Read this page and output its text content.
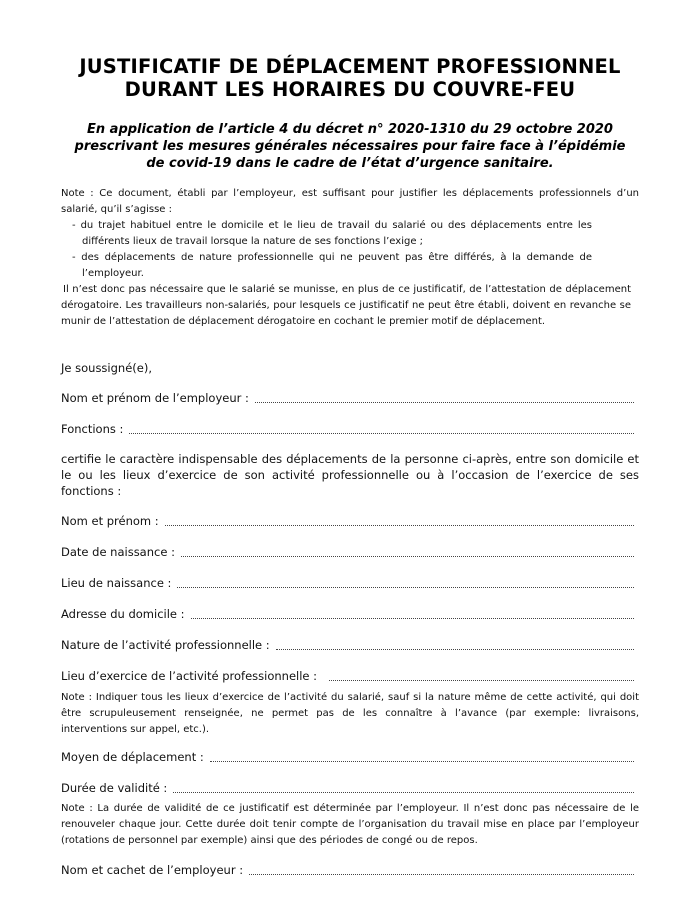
JUSTIFICATIF DE DÉPLACEMENT PROFESSIONNEL
DURANT LES HORAIRES DU COUVRE-FEU
En application de l’article 4 du décret n° 2020-1310 du 29 octobre 2020
prescrivant les mesures générales nécessaires pour faire face à l’épidémie
de covid-19 dans le cadre de l’état d’urgence sanitaire.
Note : Ce document, établi par l’employeur, est suffisant pour justifier les déplacements professionnels d’un salarié, qu’il s’agisse :
- du trajet habituel entre le domicile et le lieu de travail du salarié ou des déplacements entre les différents lieux de travail lorsque la nature de ses fonctions l’exige ;
- des déplacements de nature professionnelle qui ne peuvent pas être différés, à la demande de l’employeur.
Il n’est donc pas nécessaire que le salarié se munisse, en plus de ce justificatif, de l’attestation de déplacement dérogatoire. Les travailleurs non-salariés, pour lesquels ce justificatif ne peut être établi, doivent en revanche se munir de l’attestation de déplacement dérogatoire en cochant le premier motif de déplacement.
Je soussigné(e),
Nom et prénom de l’employeur :
Fonctions :
certifie le caractère indispensable des déplacements de la personne ci-après, entre son domicile et le ou les lieux d’exercice de son activité professionnelle ou à l’occasion de l’exercice de ses fonctions :
Nom et prénom :
Date de naissance :
Lieu de naissance :
Adresse du domicile :
Nature de l’activité professionnelle :
Lieu d’exercice de l’activité professionnelle :
Note : Indiquer tous les lieux d’exercice de l’activité du salarié, sauf si la nature même de cette activité, qui doit être scrupuleusement renseignée, ne permet pas de les connaître à l’avance (par exemple: livraisons, interventions sur appel, etc.).
Moyen de déplacement :
Durée de validité :
Note : La durée de validité de ce justificatif est déterminée par l’employeur. Il n’est donc pas nécessaire de le renouveler chaque jour. Cette durée doit tenir compte de l’organisation du travail mise en place par l’employeur (rotations de personnel par exemple) ainsi que des périodes de congé ou de repos.
Nom et cachet de l’employeur :
